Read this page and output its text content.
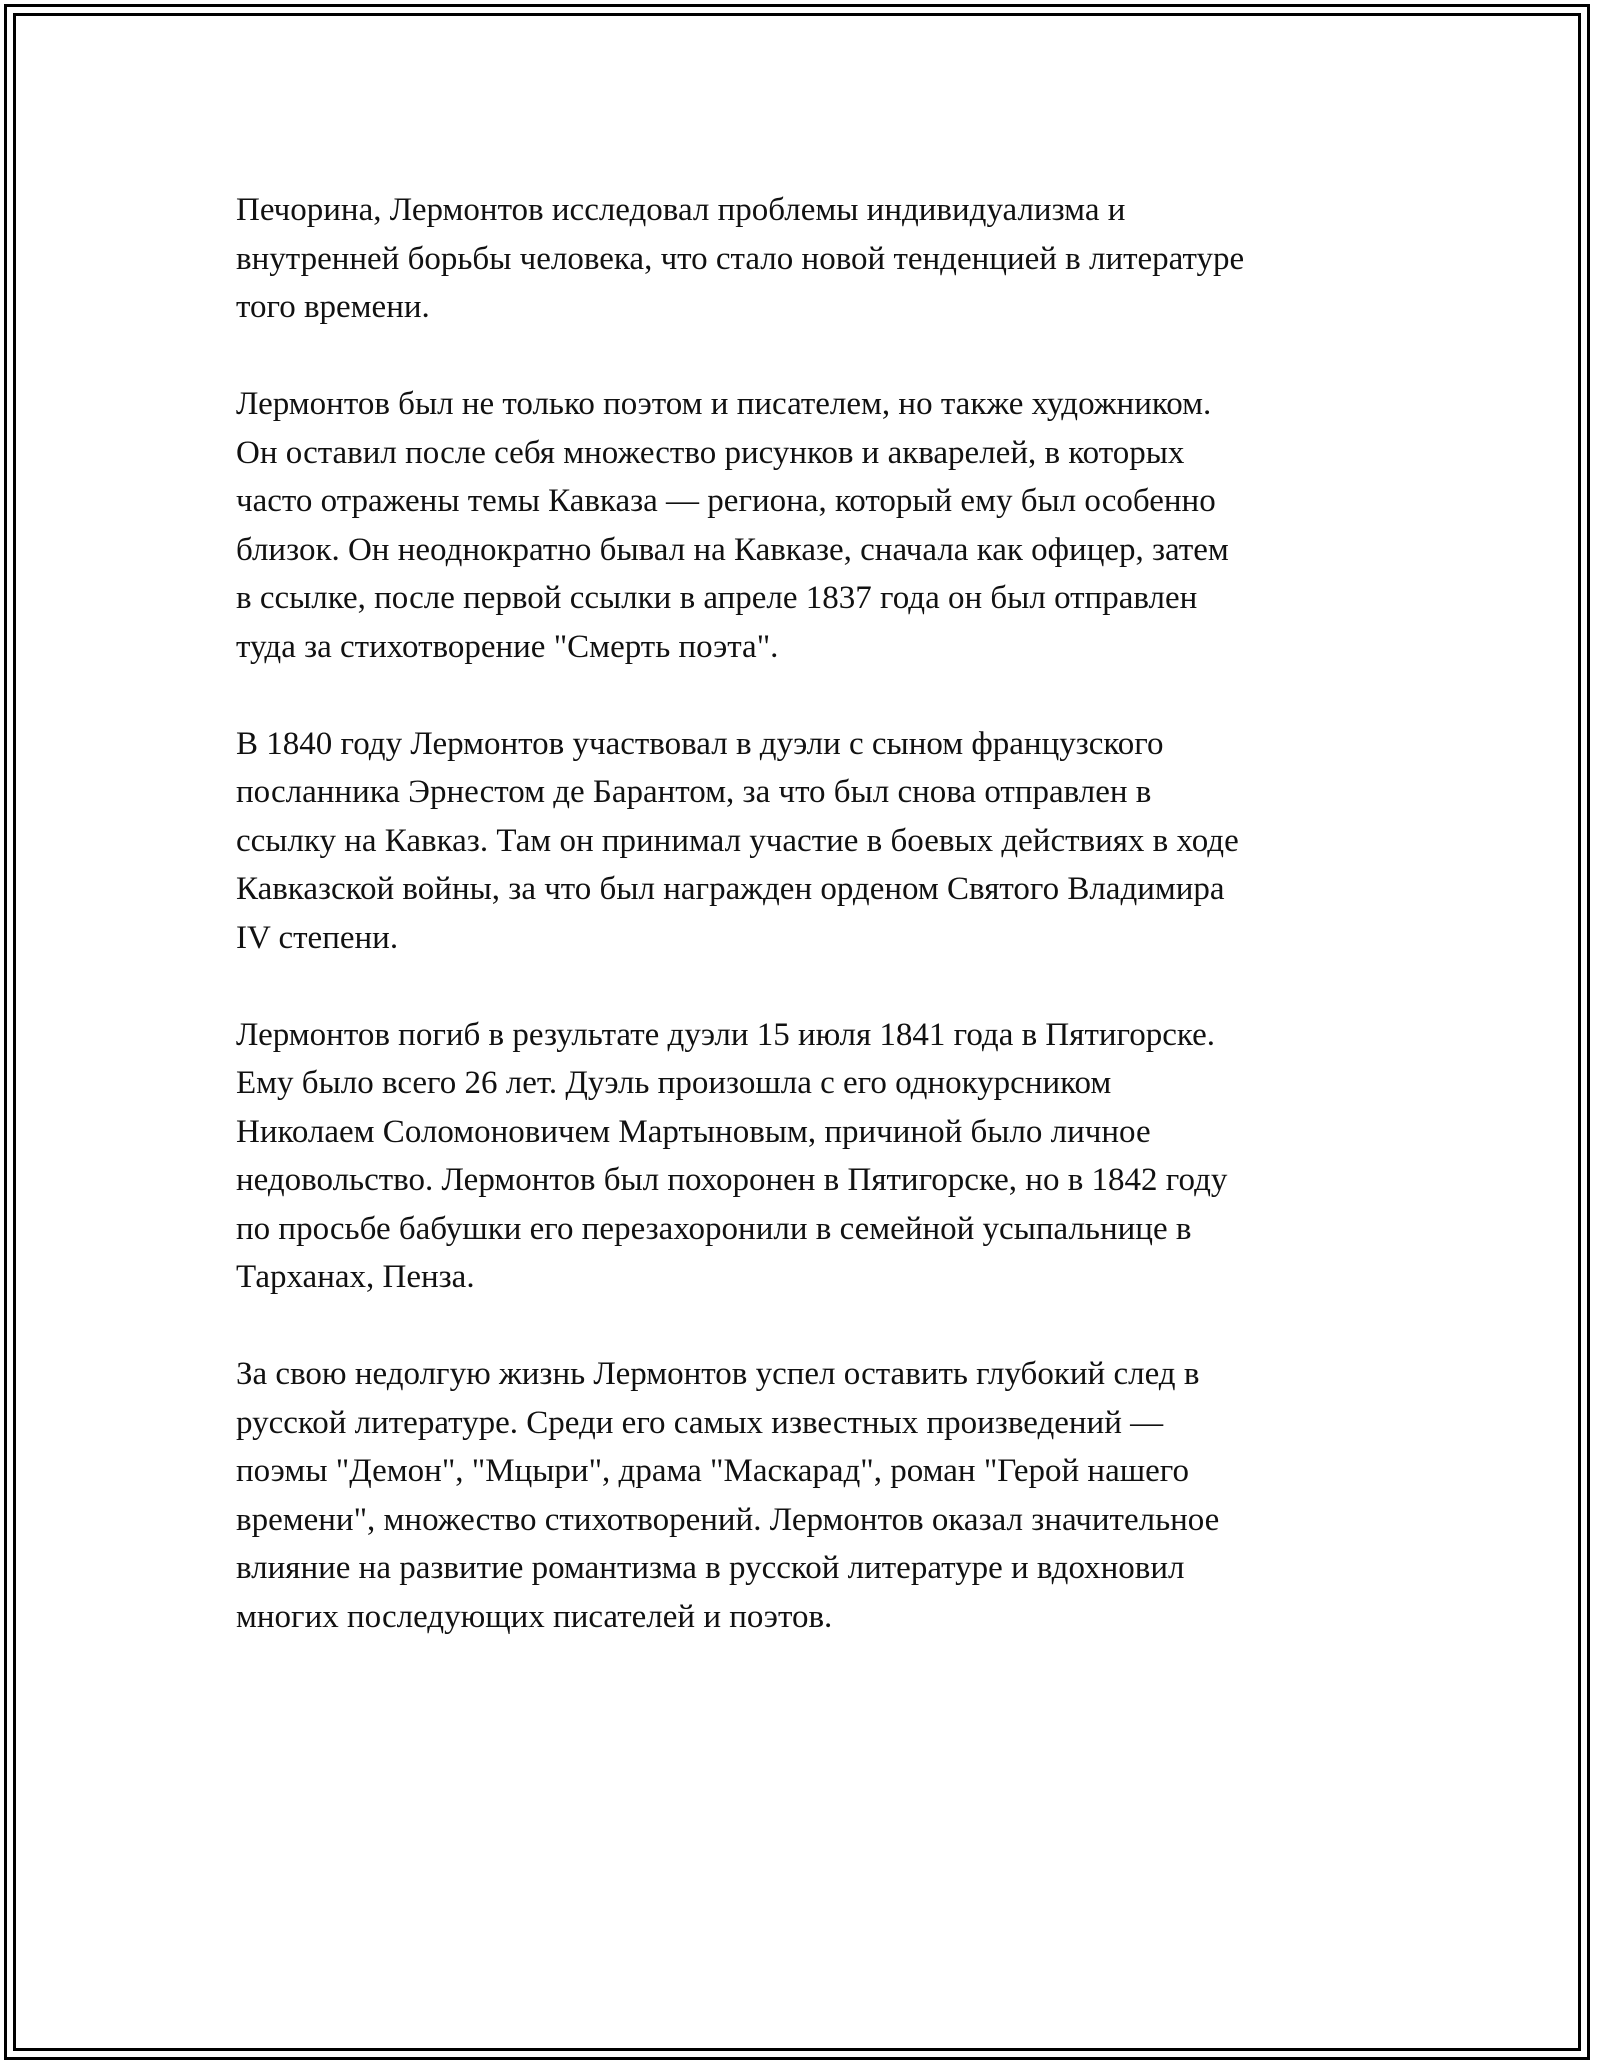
Печорина, Лермонтов исследовал проблемы индивидуализма и
внутренней борьбы человека, что стало новой тенденцией в литературе
того времени.

Лермонтов был не только поэтом и писателем, но также художником.
Он оставил после себя множество рисунков и акварелей, в которых
часто отражены темы Кавказа — региона, который ему был особенно
близок. Он неоднократно бывал на Кавказе, сначала как офицер, затем
в ссылке, после первой ссылки в апреле 1837 года он был отправлен
туда за стихотворение "Смерть поэта".

В 1840 году Лермонтов участвовал в дуэли с сыном французского
посланника Эрнестом де Барантом, за что был снова отправлен в
ссылку на Кавказ. Там он принимал участие в боевых действиях в ходе
Кавказской войны, за что был награжден орденом Святого Владимира
IV степени.

Лермонтов погиб в результате дуэли 15 июля 1841 года в Пятигорске.
Ему было всего 26 лет. Дуэль произошла с его однокурсником
Николаем Соломоновичем Мартыновым, причиной было личное
недовольство. Лермонтов был похоронен в Пятигорске, но в 1842 году
по просьбе бабушки его перезахоронили в семейной усыпальнице в
Тарханах, Пенза.

За свою недолгую жизнь Лермонтов успел оставить глубокий след в
русской литературе. Среди его самых известных произведений —
поэмы "Демон", "Мцыри", драма "Маскарад", роман "Герой нашего
времени", множество стихотворений. Лермонтов оказал значительное
влияние на развитие романтизма в русской литературе и вдохновил
многих последующих писателей и поэтов.
